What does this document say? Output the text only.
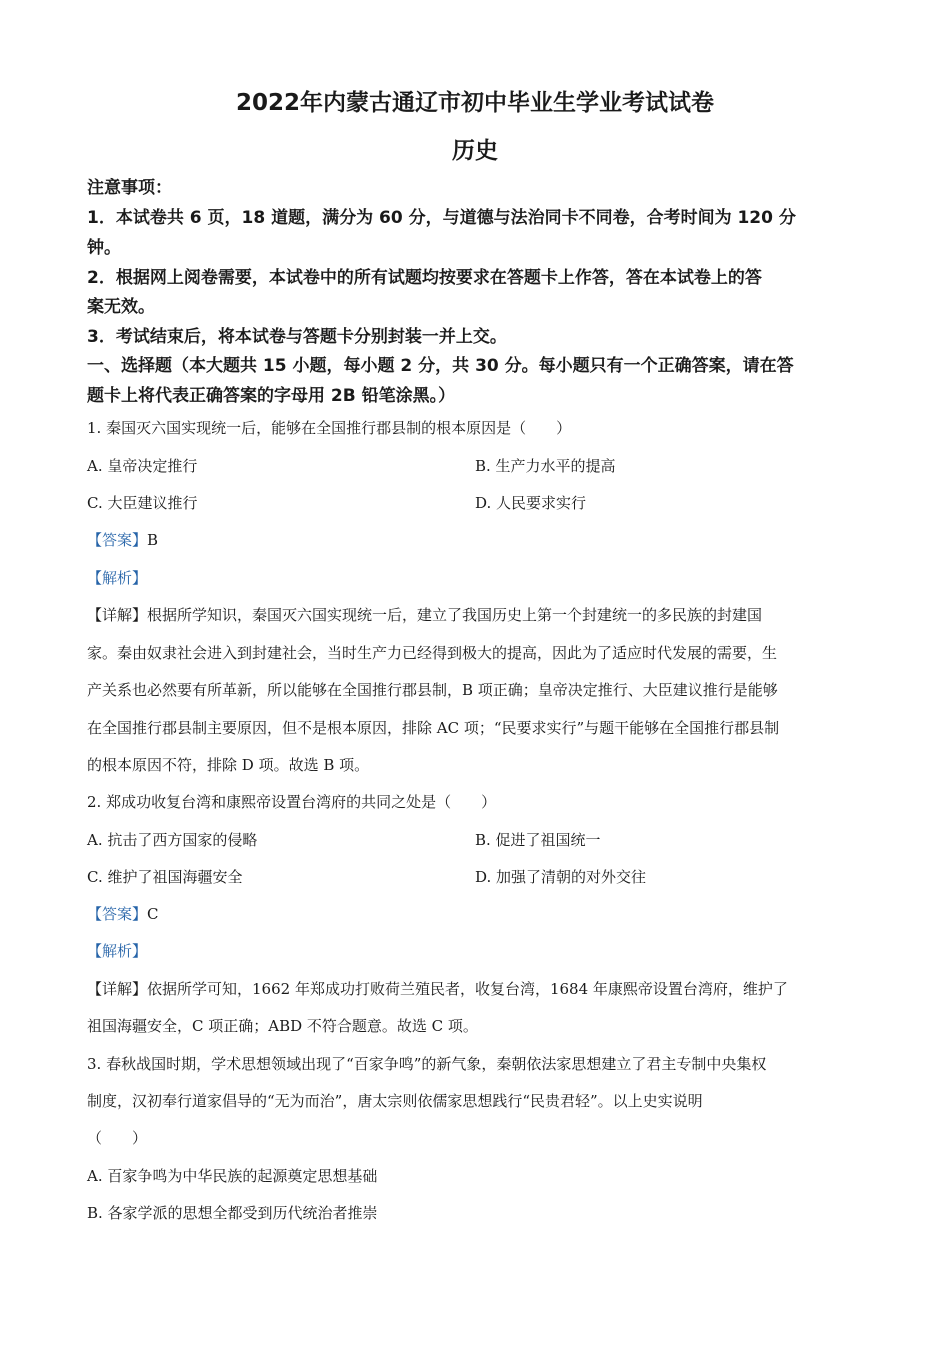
2022年内蒙古通辽市初中毕业生学业考试试卷
历史
注意事项：
1．本试卷共 6 页，18 道题，满分为 60 分，与道德与法治同卡不同卷，合考时间为 120 分
钟。
2．根据网上阅卷需要，本试卷中的所有试题均按要求在答题卡上作答，答在本试卷上的答
案无效。
3．考试结束后，将本试卷与答题卡分别封装一并上交。
一、选择题（本大题共 15 小题，每小题 2 分，共 30 分。每小题只有一个正确答案，请在答
题卡上将代表正确答案的字母用 2B 铅笔涂黑。）
1. 秦国灭六国实现统一后，能够在全国推行郡县制的根本原因是（　　）
A. 皇帝决定推行	B. 生产力水平的提高
C. 大臣建议推行	D. 人民要求实行
【答案】B
【解析】
【详解】根据所学知识，秦国灭六国实现统一后，建立了我国历史上第一个封建统一的多民族的封建国
家。秦由奴隶社会进入到封建社会，当时生产力已经得到极大的提高，因此为了适应时代发展的需要，生
产关系也必然要有所革新，所以能够在全国推行郡县制，B 项正确；皇帝决定推行、大臣建议推行是能够
在全国推行郡县制主要原因，但不是根本原因，排除 AC 项；“民要求实行”与题干能够在全国推行郡县制
的根本原因不符，排除 D 项。故选 B 项。
2. 郑成功收复台湾和康熙帝设置台湾府的共同之处是（　　）
A. 抗击了西方国家的侵略	B. 促进了祖国统一
C. 维护了祖国海疆安全	D. 加强了清朝的对外交往
【答案】C
【解析】
【详解】依据所学可知，1662 年郑成功打败荷兰殖民者，收复台湾，1684 年康熙帝设置台湾府，维护了
祖国海疆安全，C 项正确；ABD 不符合题意。故选 C 项。
3. 春秋战国时期，学术思想领域出现了“百家争鸣”的新气象，秦朝依法家思想建立了君主专制中央集权
制度，汉初奉行道家倡导的“无为而治”，唐太宗则依儒家思想践行“民贵君轻”。以上史实说明
（　　）
A. 百家争鸣为中华民族的起源奠定思想基础
B. 各家学派的思想全都受到历代统治者推崇
